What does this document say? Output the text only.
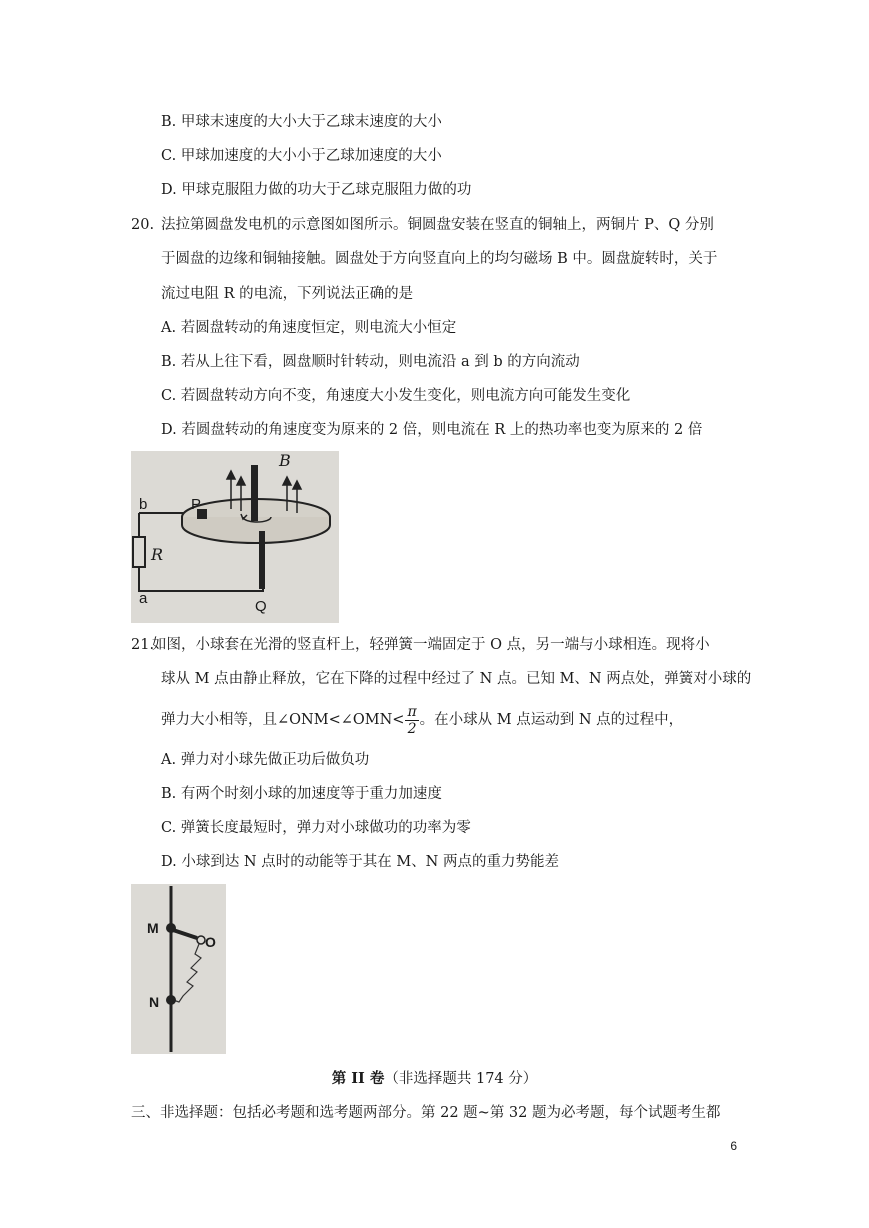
B. 甲球末速度的大小大于乙球末速度的大小
C. 甲球加速度的大小小于乙球加速度的大小
D. 甲球克服阻力做的功大于乙球克服阻力做的功
20. 法拉第圆盘发电机的示意图如图所示。铜圆盘安装在竖直的铜轴上，两铜片 P、Q 分别
于圆盘的边缘和铜轴接触。圆盘处于方向竖直向上的均匀磁场 B 中。圆盘旋转时，关于
流过电阻 R 的电流，下列说法正确的是
A. 若圆盘转动的角速度恒定，则电流大小恒定
B. 若从上往下看，圆盘顺时针转动，则电流沿 a 到 b 的方向流动
C. 若圆盘转动方向不变，角速度大小发生变化，则电流方向可能发生变化
D. 若圆盘转动的角速度变为原来的 2 倍，则电流在 R 上的热功率也变为原来的 2 倍
b	P
R
a	Q
B
21.
如图，小球套在光滑的竖直杆上，轻弹簧一端固定于 O 点，另一端与小球相连。现将小
球从 M 点由静止释放，它在下降的过程中经过了 N 点。已知 M、N 两点处，弹簧对小球的
弹力大小相等，且∠ONM<∠OMN< $\frac{\pi}{2}$ 。在小球从 M 点运动到 N 点的过程中，
A. 弹力对小球先做正功后做负功
B. 有两个时刻小球的加速度等于重力加速度
C. 弹簧长度最短时，弹力对小球做功的功率为零
D. 小球到达 N 点时的动能等于其在 M、N 两点的重力势能差
M
O
N
第 II 卷（非选择题共 174 分）
三、非选择题：包括必考题和选考题两部分。第 22 题~第 32 题为必考题，每个试题考生都
6
